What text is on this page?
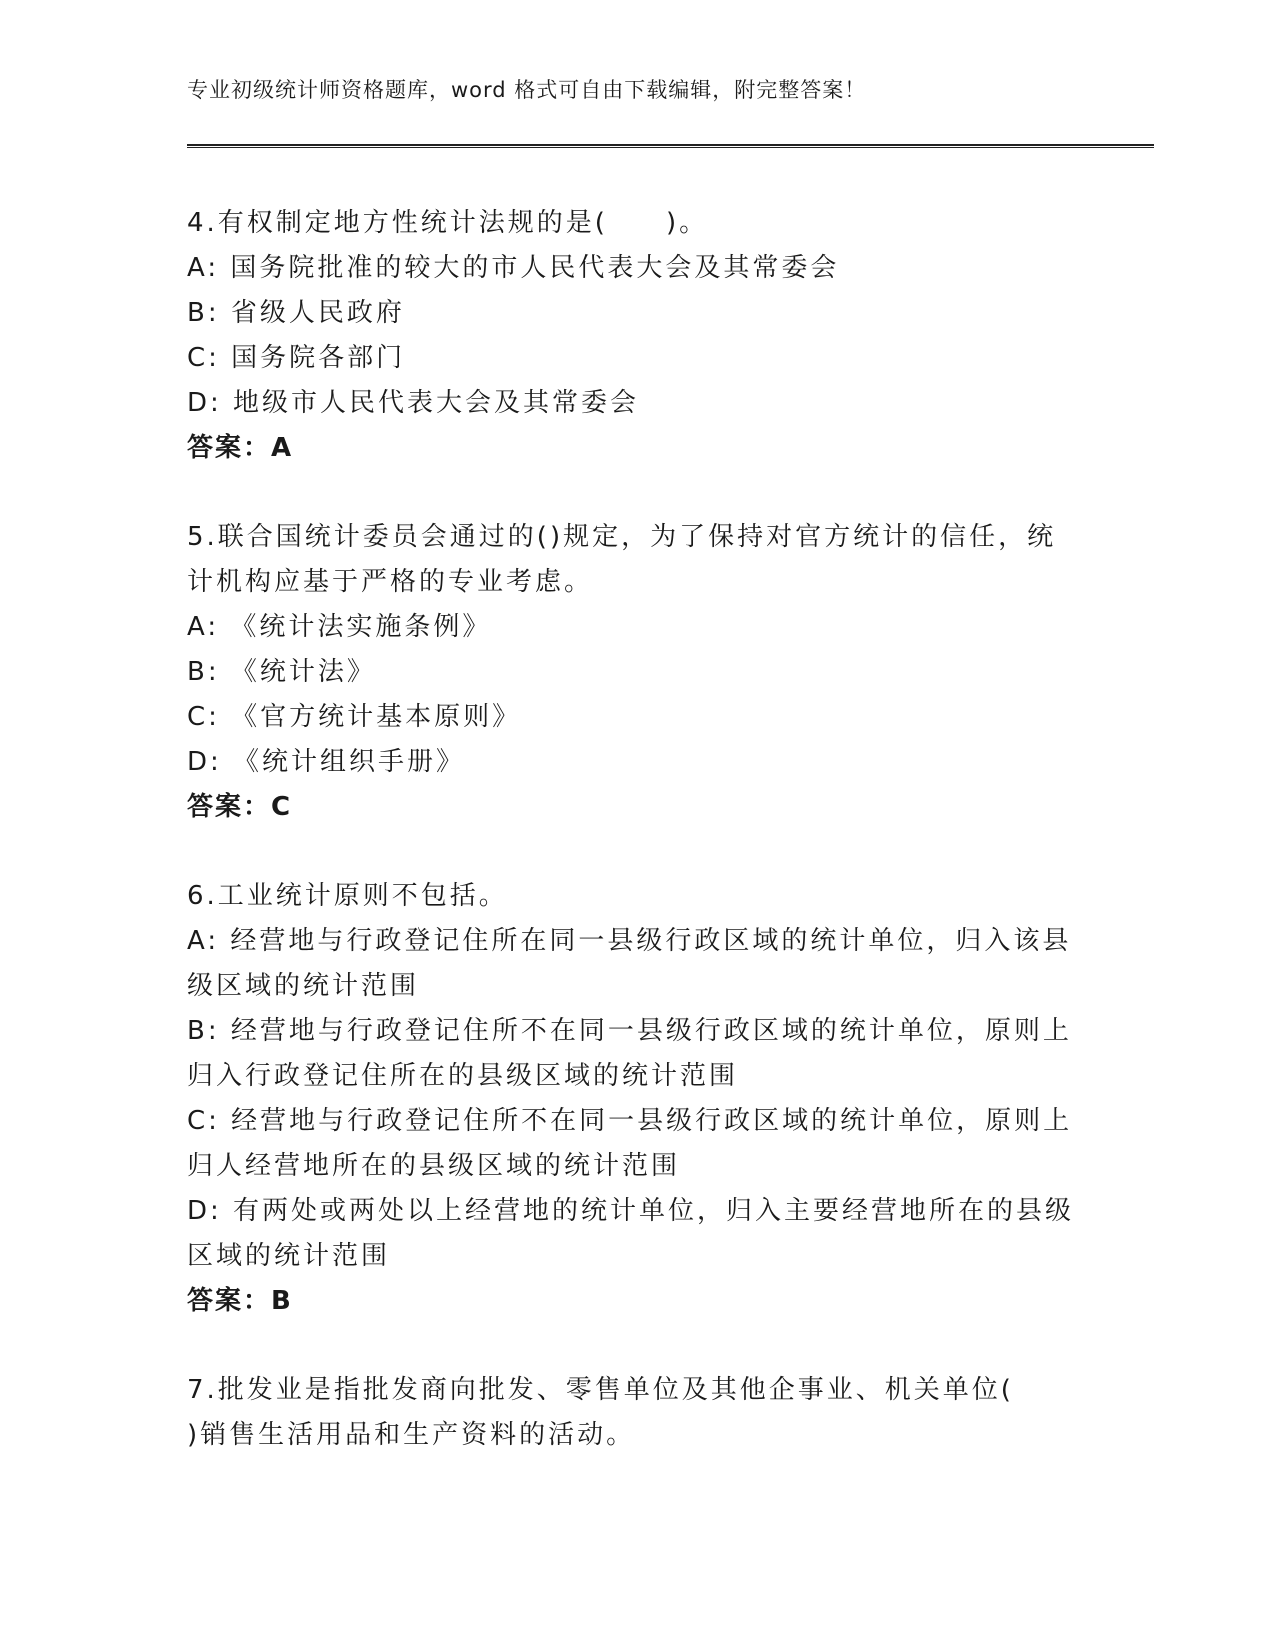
专业初级统计师资格题库，word 格式可自由下载编辑，附完整答案！
4.有权制定地方性统计法规的是(　　)。
A: 国务院批准的较大的市人民代表大会及其常委会
B: 省级人民政府
C: 国务院各部门
D: 地级市人民代表大会及其常委会
答案：A
5.联合国统计委员会通过的()规定，为了保持对官方统计的信任，统
计机构应基于严格的专业考虑。
A: 《统计法实施条例》
B: 《统计法》
C: 《官方统计基本原则》
D: 《统计组织手册》
答案：C
6.工业统计原则不包括。
A: 经营地与行政登记住所在同一县级行政区域的统计单位，归入该县
级区域的统计范围
B: 经营地与行政登记住所不在同一县级行政区域的统计单位，原则上
归入行政登记住所在的县级区域的统计范围
C: 经营地与行政登记住所不在同一县级行政区域的统计单位，原则上
归人经营地所在的县级区域的统计范围
D: 有两处或两处以上经营地的统计单位，归入主要经营地所在的县级
区域的统计范围
答案：B
7.批发业是指批发商向批发、零售单位及其他企事业、机关单位(
)销售生活用品和生产资料的活动。
